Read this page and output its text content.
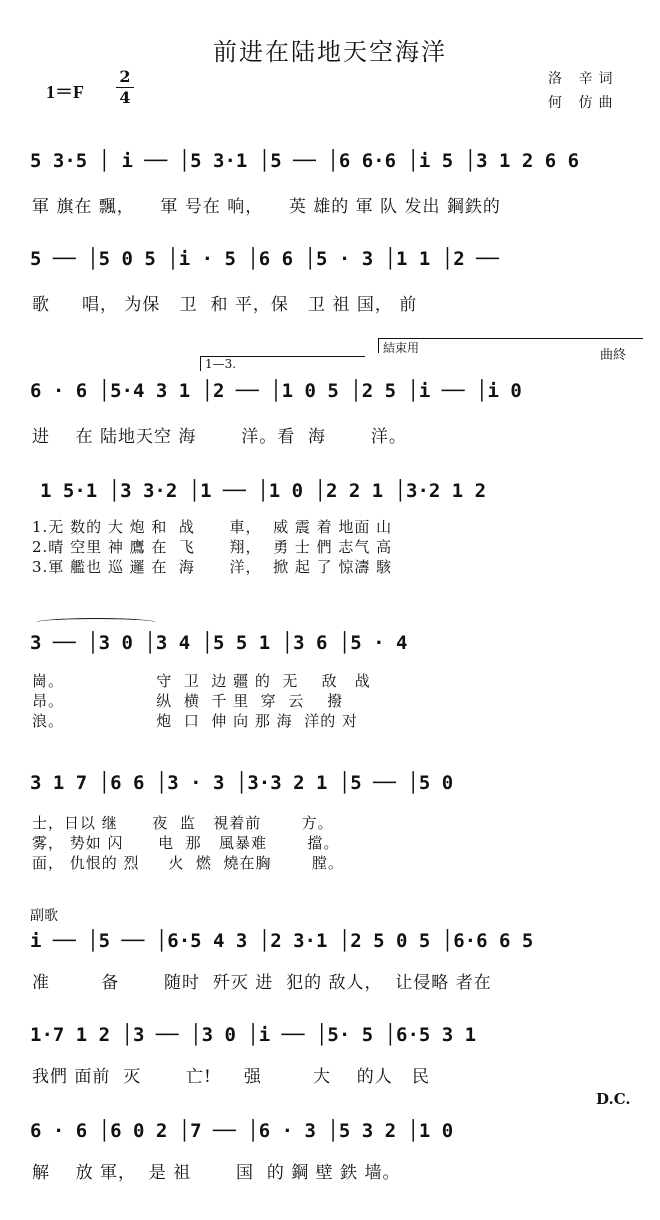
前进在陆地天空海洋
1＝F
2
4
洛 辛词
何 仿曲
5 3·5 │ i ── │5 3·1 │5 ── │6 6·6 │i 5 │3 1 2 6 6
軍 旗在 飄，    軍 号在 响，    英 雄的 軍 队 发出 鋼鉄的
5 ── │5 0 5 │i · 5 │6 6 │5 · 3 │1 1 │2 ──
歌     唱， 为保   卫  和 平，保   卫 祖 国， 前
1—3.
結束用	曲終
6 · 6 │5·4 3 1 │2 ── │1 0 5 │2 5 │i ── │i 0
进    在 陆地天空 海       洋。看  海       洋。
1 5·1 │3 3·2 │1 ── │1 0 │2 2 1 │3·2 1 2
1.无 数的 大 炮 和  战      車，  威 震 着 地面 山
2.晴 空里 神 鷹 在  飞      翔，  勇 士 們 志气 高
3.軍 艦也 巡 邏 在  海      洋，  掀 起 了 惊濤 駭
3 ── │3 0 │3 4 │5 5 1 │3 6 │5 · 4
崗。                守  卫  边 疆 的  无    敌   战
昂。                纵  横  千 里  穿  云    撥
浪。                炮  口  伸 向 那 海  洋的 对
3 1 7 │6 6 │3 · 3 │3·3 2 1 │5 ── │5 0
士，日以 继      夜  监   視着前       方。
雾， 势如 闪      电  那   風暴难       擋。
面， 仇恨的 烈     火  燃  燒在胸       膛。
副歌
i ── │5 ── │6·5 4 3 │2 3·1 │2 5 0 5 │6·6 6 5
准        备       随时  歼灭 进  犯的 敌人，  让侵略 者在
1·7 1 2 │3 ── │3 0 │i ── │5· 5 │6·5 3 1
我們 面前  灭       亡!     强        大    的人   民
D.C.
6 · 6 │6 0 2 │7 ── │6 · 3 │5 3 2 │1 0
解    放 軍，  是 祖       国  的 鋼 壁 鉄 墙。
